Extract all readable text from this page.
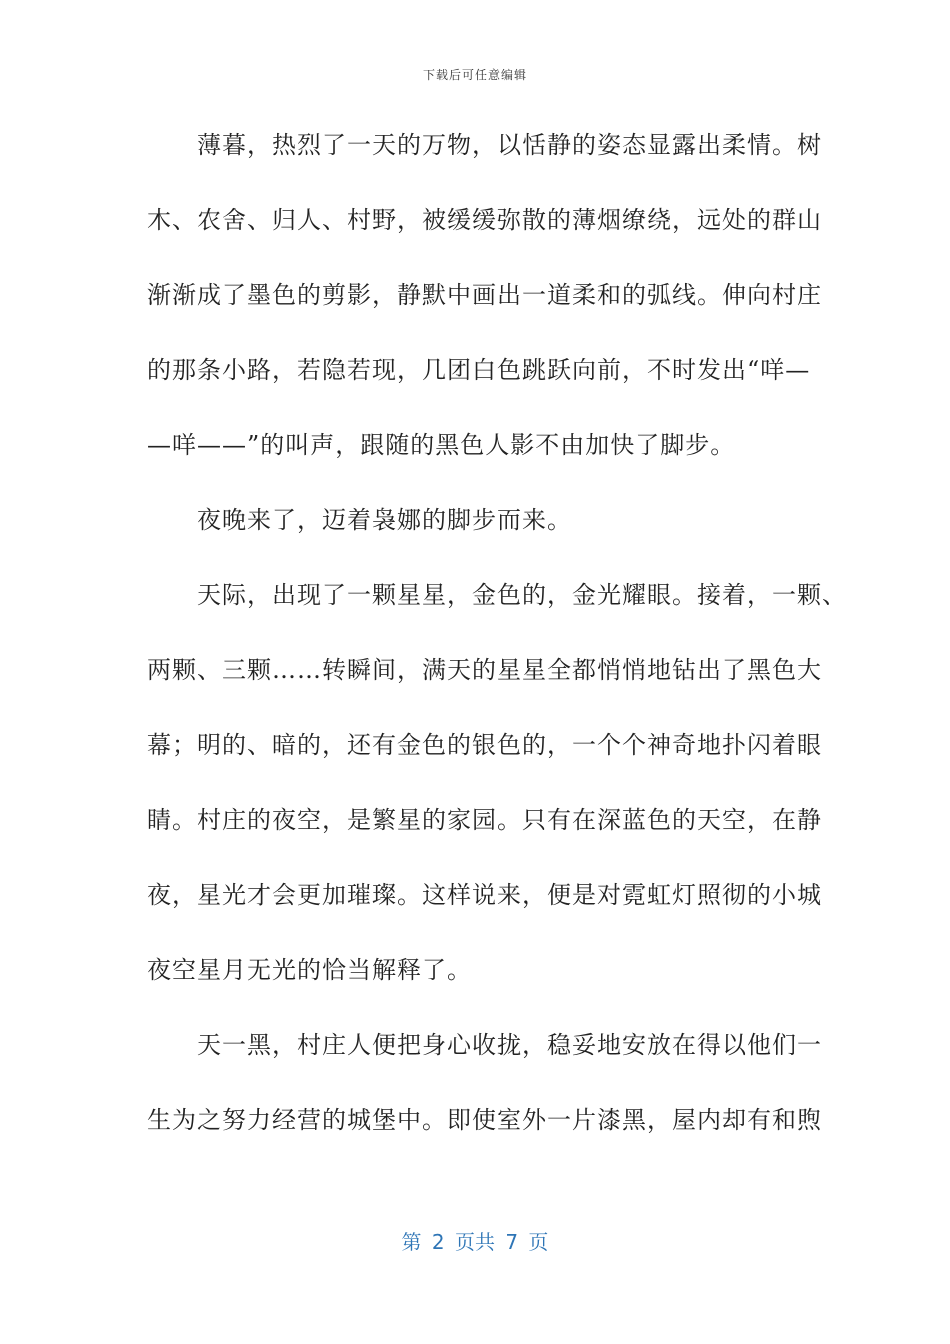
下载后可任意编辑
　　薄暮，热烈了一天的万物，以恬静的姿态显露出柔情。树
木、农舍、归人、村野，被缓缓弥散的薄烟缭绕，远处的群山
渐渐成了墨色的剪影，静默中画出一道柔和的弧线。伸向村庄
的那条小路，若隐若现，几团白色跳跃向前，不时发出“咩—
—咩——”的叫声，跟随的黑色人影不由加快了脚步。
　　夜晚来了，迈着袅娜的脚步而来。
　　天际，出现了一颗星星，金色的，金光耀眼。接着，一颗、
两颗、三颗……转瞬间，满天的星星全都悄悄地钻出了黑色大
幕；明的、暗的，还有金色的银色的，一个个神奇地扑闪着眼
睛。村庄的夜空，是繁星的家园。只有在深蓝色的天空，在静
夜，星光才会更加璀璨。这样说来，便是对霓虹灯照彻的小城
夜空星月无光的恰当解释了。
　　天一黑，村庄人便把身心收拢，稳妥地安放在得以他们一
生为之努力经营的城堡中。即使室外一片漆黑，屋内却有和煦
第 2 页共 7 页
